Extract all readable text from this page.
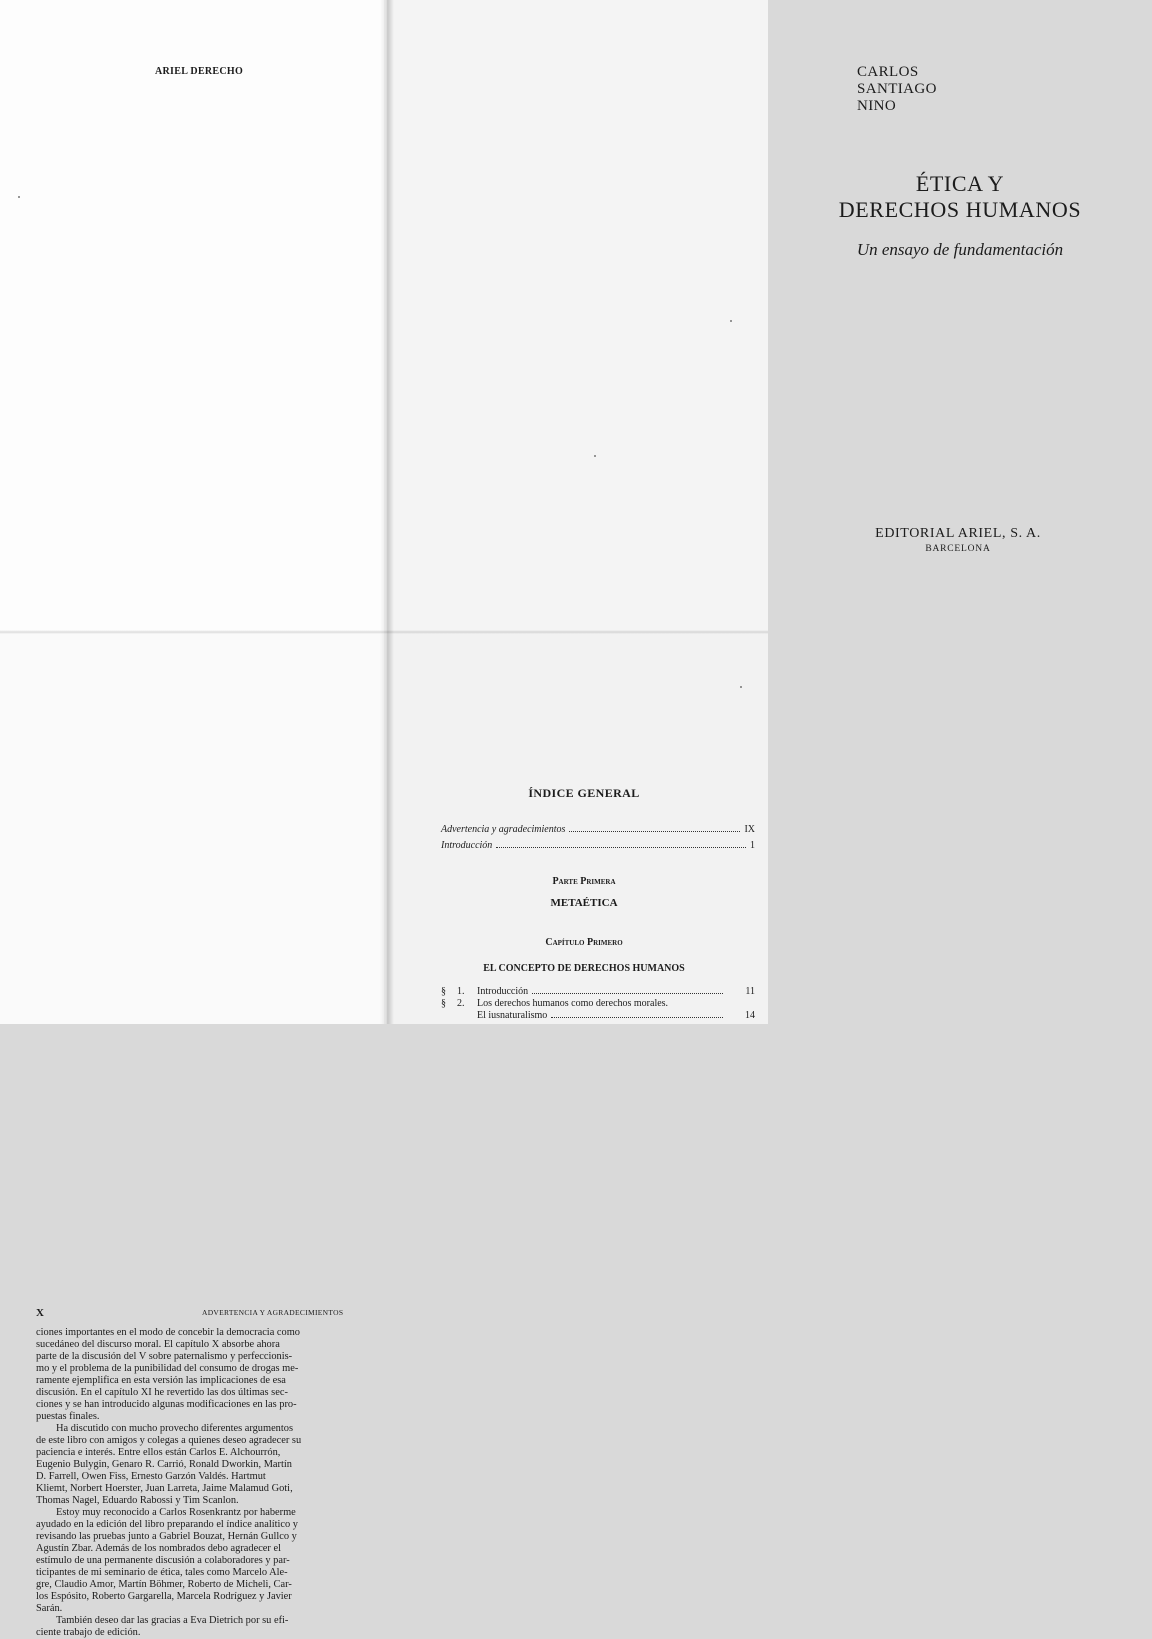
ARIEL DERECHO	CARLOS SANTIAGO NINO
ÉTICA Y
DERECHOS HUMANOS
Un ensayo de fundamentación
EDITORIAL ARIEL, S. A.
BARCELONA
X	ADVERTENCIA Y AGRADECIMIENTOS

ciones importantes en el modo de concebir la democracia como

sucedáneo del discurso moral. El capítulo X absorbe ahora

parte de la discusión del V sobre paternalismo y perfeccionis-

mo y el problema de la punibilidad del consumo de drogas me-

ramente ejemplifica en esta versión las implicaciones de esa

discusión. En el capítulo XI he revertido las dos últimas sec-

ciones y se han introducido algunas modificaciones en las pro-

puestas finales.

Ha discutido con mucho provecho diferentes argumentos

de este libro con amigos y colegas a quienes deseo agradecer su

paciencia e interés. Entre ellos están Carlos E. Alchourrón,

Eugenio Bulygin, Genaro R. Carrió, Ronald Dworkin, Martín

D. Farrell, Owen Fiss, Ernesto Garzón Valdés. Hartmut

Kliemt, Norbert Hoerster, Juan Larreta, Jaime Malamud Goti,

Thomas Nagel, Eduardo Rabossi y Tim Scanlon.

Estoy muy reconocido a Carlos Rosenkrantz por haberme

ayudado en la edición del libro preparando el índice analítico y

revisando las pruebas junto a Gabriel Bouzat, Hernán Gullco y

Agustín Zbar. Además de los nombrados debo agradecer el

estímulo de una permanente discusión a colaboradores y par-

ticipantes de mi seminario de ética, tales como Marcelo Ale-

gre, Claudio Amor, Martín Böhmer, Roberto de Micheli, Car-

los Espósito, Roberto Gargarella, Marcela Rodríguez y Javier

Sarán.

También deseo dar las gracias a Eva Dietrich por su efi-

ciente trabajo de edición.

ÍNDICE GENERAL
Advertencia y agradecimientos	IX
Introducción	1
Parte Primera
METAÉTICA
Capítulo Primero
EL CONCEPTO DE DERECHOS HUMANOS
§ 1. Introducción	11
§ 2. Los derechos humanos como derechos morales.
El iusnaturalismo	14
